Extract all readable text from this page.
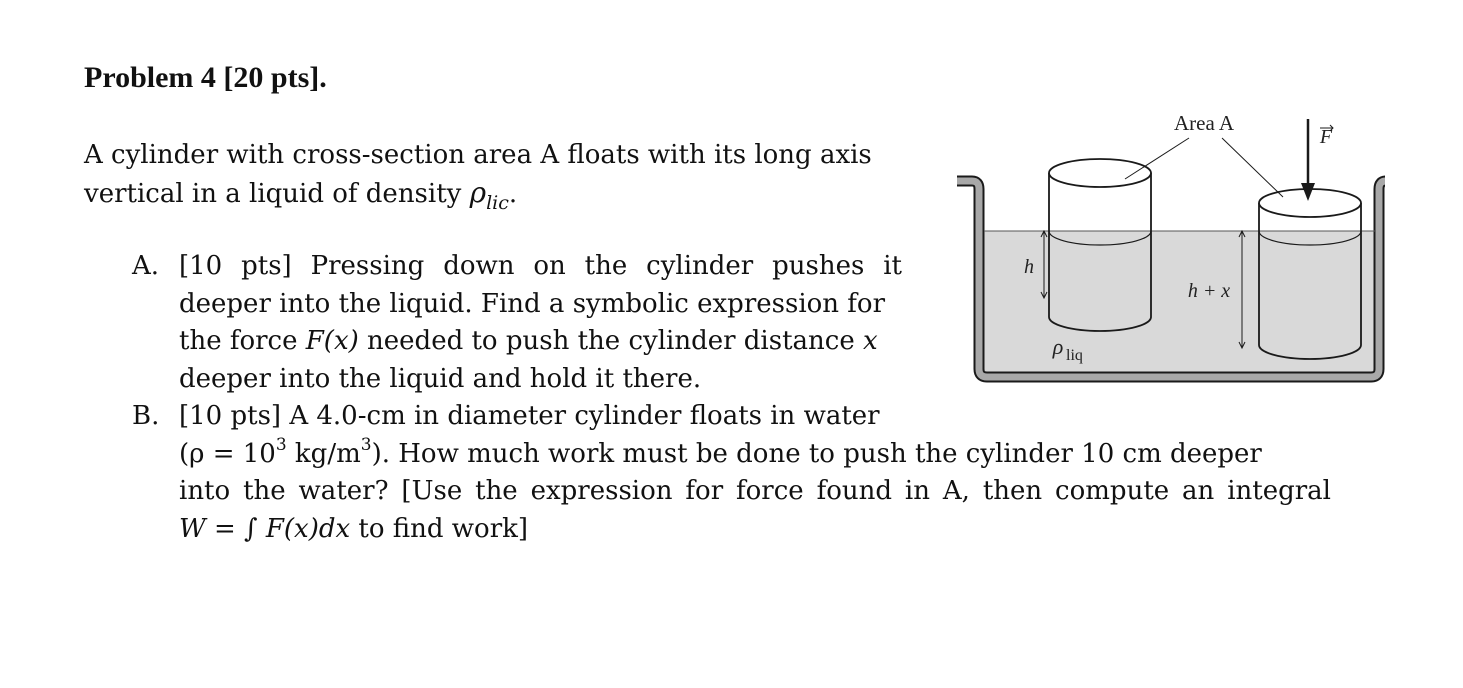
Problem 4 [20 pts].
A cylinder with cross-section area A floats with its long axis
vertical in a liquid of density $\rho_{lic}$.
A. [10 pts] Pressing down on the cylinder pushes it
deeper into the liquid. Find a symbolic expression for
the force F(x) needed to push the cylinder distance x
deeper into the liquid and hold it there.
B. [10 pts] A 4.0-cm in diameter cylinder floats in water
($\rho = 10^3$ $kg/m^3$). How much work must be done to push the cylinder 10 cm deeper
into the water? [Use the expression for force found in A, then compute an integral
W = ∫ F(x)dx to find work]
Area A
F
h
h + x
ρ liq
